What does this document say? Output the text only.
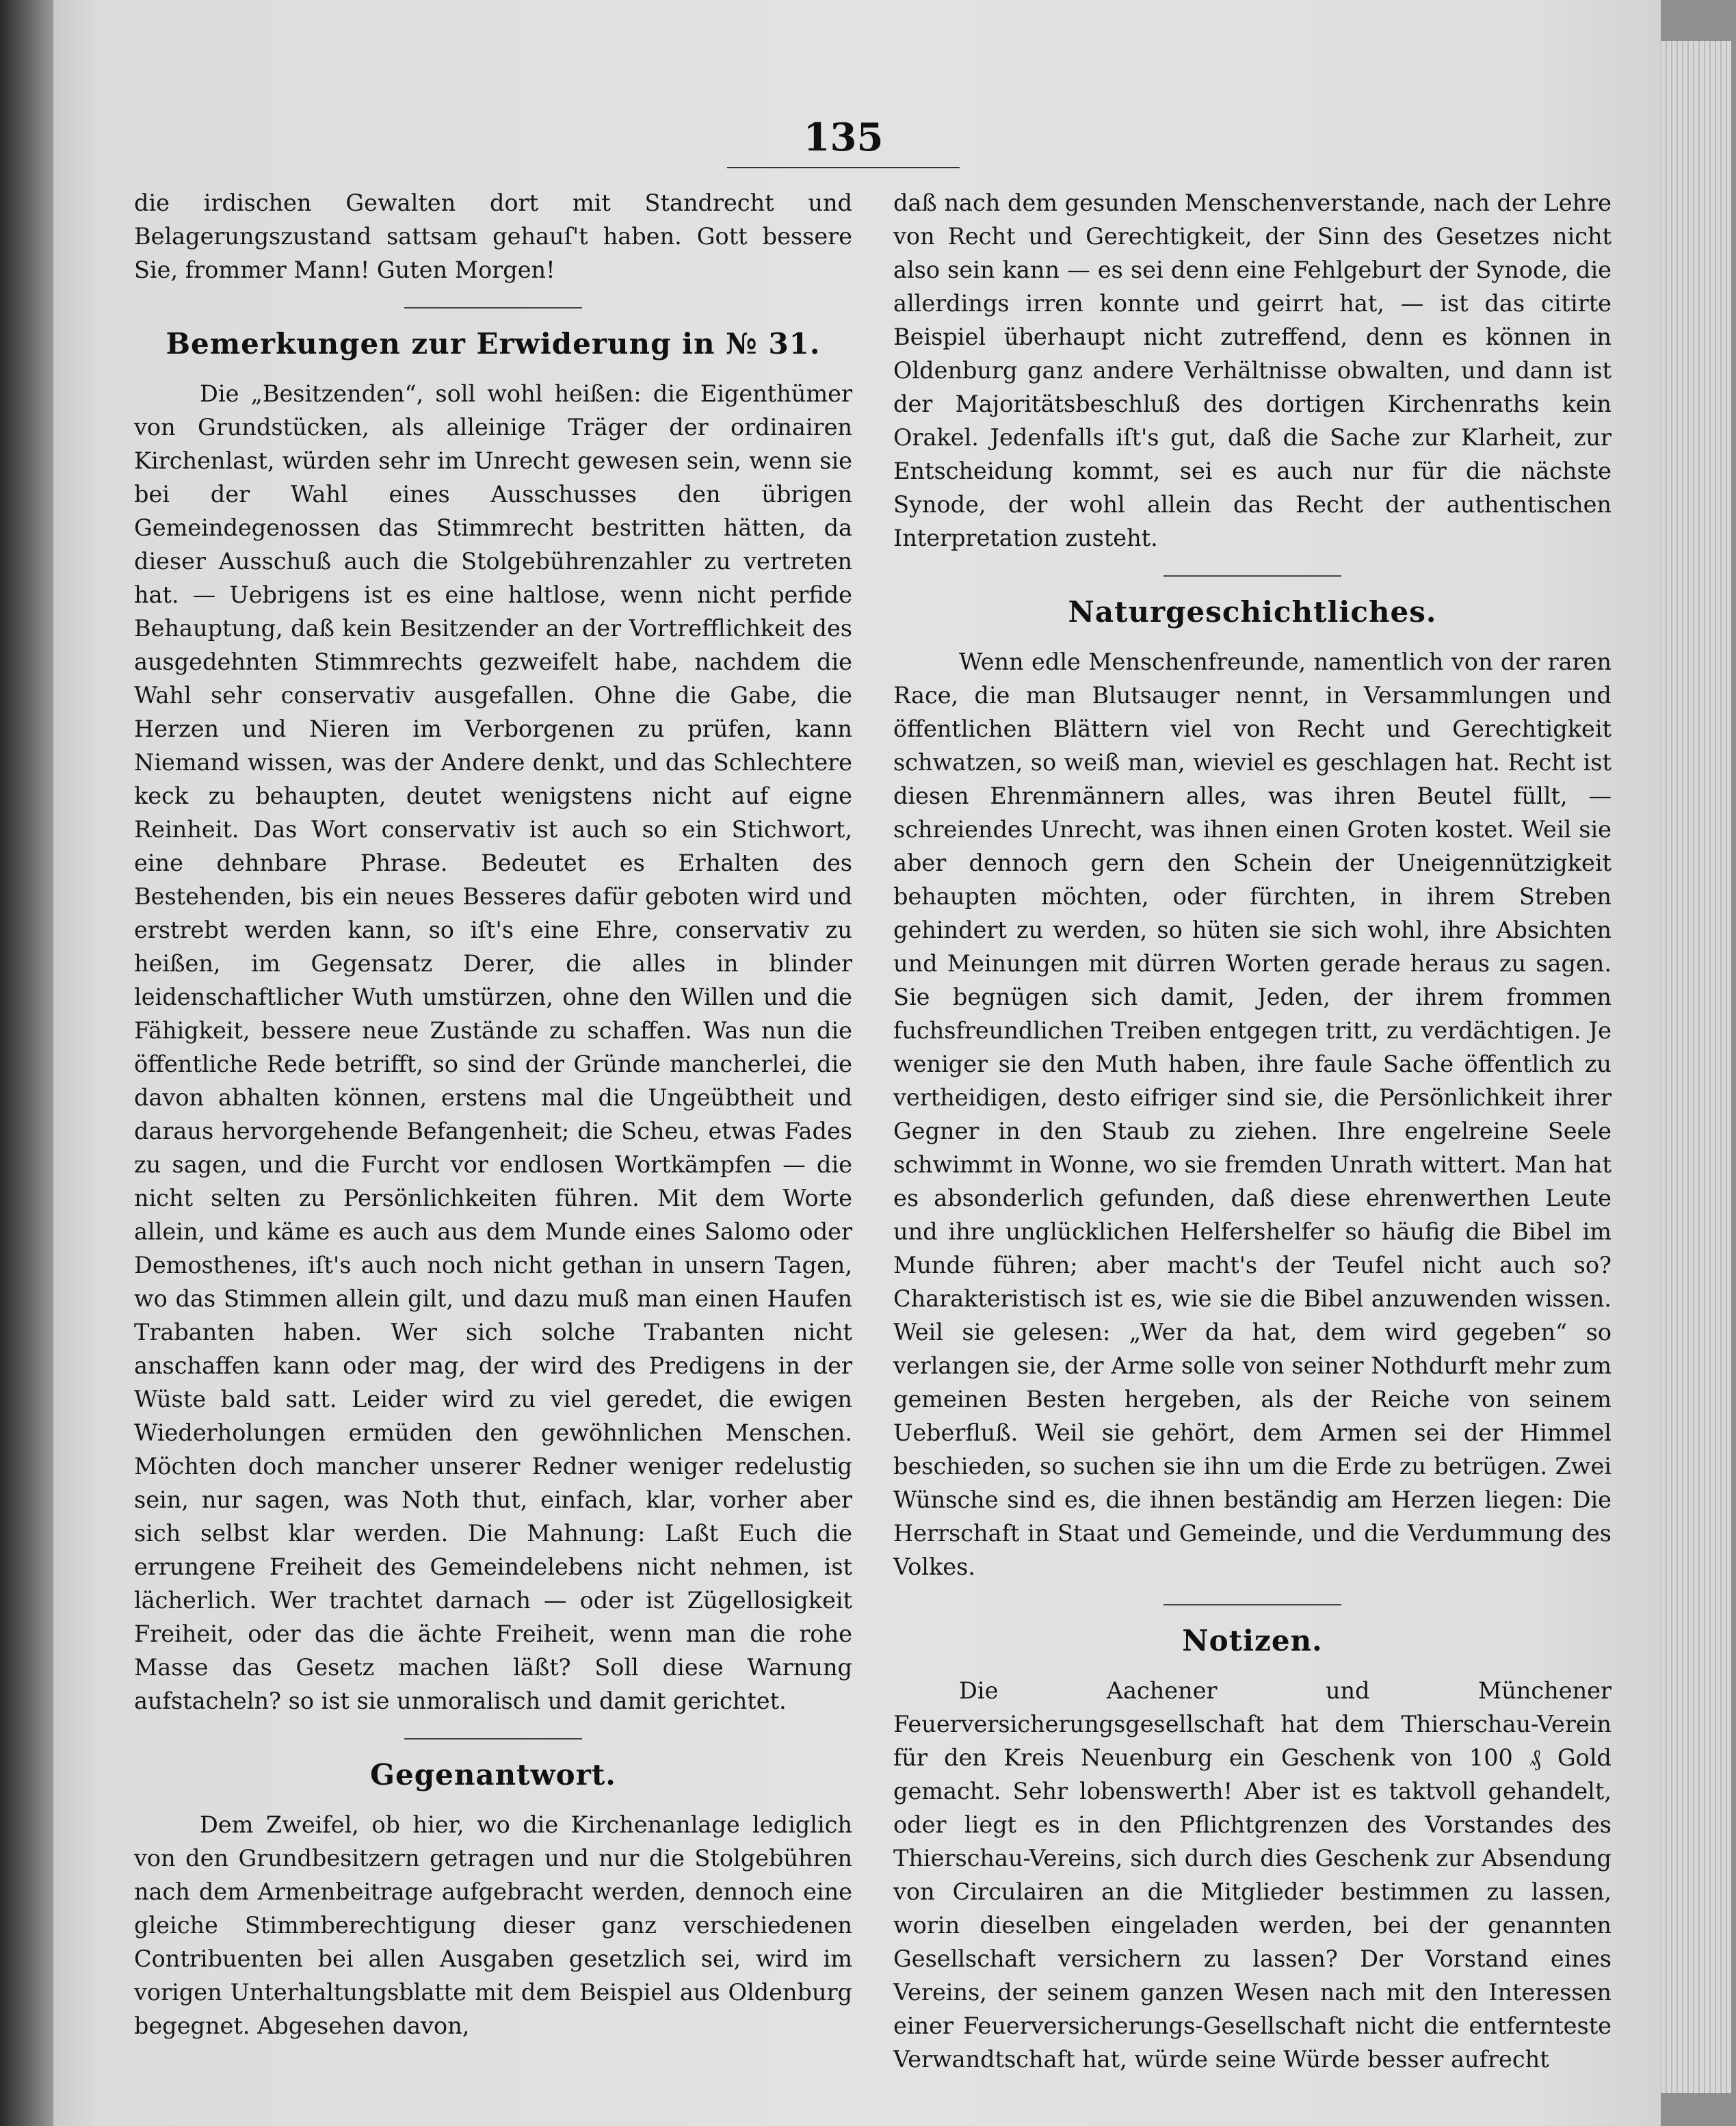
135

die irdischen Gewalten dort mit Standrecht und Belagerungszustand sattsam gehauſ't haben. Gott bessere Sie, frommer Mann! Guten Morgen!

Bemerkungen zur Erwiderung in № 31.

Die „Besitzenden“, soll wohl heißen: die Eigenthümer von Grundstücken, als alleinige Träger der ordinairen Kirchenlast, würden sehr im Unrecht gewesen sein, wenn sie bei der Wahl eines Ausschusses den übrigen Gemeindegenossen das Stimmrecht bestritten hätten, da dieser Ausschuß auch die Stolgebührenzahler zu vertreten hat. — Uebrigens ist es eine haltlose, wenn nicht perfide Behauptung, daß kein Besitzender an der Vortrefflichkeit des ausgedehnten Stimmrechts gezweifelt habe, nachdem die Wahl sehr conservativ ausgefallen. Ohne die Gabe, die Herzen und Nieren im Verborgenen zu prüfen, kann Niemand wissen, was der Andere denkt, und das Schlechtere keck zu behaupten, deutet wenigstens nicht auf eigne Reinheit. Das Wort conservativ ist auch so ein Stichwort, eine dehnbare Phrase. Bedeutet es Erhalten des Bestehenden, bis ein neues Besseres dafür geboten wird und erstrebt werden kann, so iſt's eine Ehre, conservativ zu heißen, im Gegensatz Derer, die alles in blinder leidenschaftlicher Wuth umstürzen, ohne den Willen und die Fähigkeit, bessere neue Zustände zu schaffen. Was nun die öffentliche Rede betrifft, so sind der Gründe mancherlei, die davon abhalten können, erstens mal die Ungeübtheit und daraus hervorgehende Befangenheit; die Scheu, etwas Fades zu sagen, und die Furcht vor endlosen Wortkämpfen — die nicht selten zu Persönlichkeiten führen. Mit dem Worte allein, und käme es auch aus dem Munde eines Salomo oder Demosthenes, iſt's auch noch nicht gethan in unsern Tagen, wo das Stimmen allein gilt, und dazu muß man einen Haufen Trabanten haben. Wer sich solche Trabanten nicht anschaffen kann oder mag, der wird des Predigens in der Wüste bald satt. Leider wird zu viel geredet, die ewigen Wiederholungen ermüden den gewöhnlichen Menschen. Möchten doch mancher unserer Redner weniger redelustig sein, nur sagen, was Noth thut, einfach, klar, vorher aber sich selbst klar werden. Die Mahnung: Laßt Euch die errungene Freiheit des Gemeindelebens nicht nehmen, ist lächerlich. Wer trachtet darnach — oder ist Zügellosigkeit Freiheit, oder das die ächte Freiheit, wenn man die rohe Masse das Gesetz machen läßt? Soll diese Warnung aufstacheln? so ist sie unmoralisch und damit gerichtet.

Gegenantwort.

Dem Zweifel, ob hier, wo die Kirchenanlage lediglich von den Grundbesitzern getragen und nur die Stolgebühren nach dem Armenbeitrage aufgebracht werden, dennoch eine gleiche Stimmberechtigung dieser ganz verschiedenen Contribuenten bei allen Ausgaben gesetzlich sei, wird im vorigen Unterhaltungsblatte mit dem Beispiel aus Oldenburg begegnet. Abgesehen davon,

daß nach dem gesunden Menschenverstande, nach der Lehre von Recht und Gerechtigkeit, der Sinn des Gesetzes nicht also sein kann — es sei denn eine Fehlgeburt der Synode, die allerdings irren konnte und geirrt hat, — ist das citirte Beispiel überhaupt nicht zutreffend, denn es können in Oldenburg ganz andere Verhältnisse obwalten, und dann ist der Majoritätsbeschluß des dortigen Kirchenraths kein Orakel. Jedenfalls iſt's gut, daß die Sache zur Klarheit, zur Entscheidung kommt, sei es auch nur für die nächste Synode, der wohl allein das Recht der authentischen Interpretation zusteht.

Naturgeschichtliches.

Wenn edle Menschenfreunde, namentlich von der raren Race, die man Blutsauger nennt, in Versammlungen und öffentlichen Blättern viel von Recht und Gerechtigkeit schwatzen, so weiß man, wieviel es geschlagen hat. Recht ist diesen Ehrenmännern alles, was ihren Beutel füllt, — schreiendes Unrecht, was ihnen einen Groten kostet. Weil sie aber dennoch gern den Schein der Uneigennützigkeit behaupten möchten, oder fürchten, in ihrem Streben gehindert zu werden, so hüten sie sich wohl, ihre Absichten und Meinungen mit dürren Worten gerade heraus zu sagen. Sie begnügen sich damit, Jeden, der ihrem frommen fuchsfreundlichen Treiben entgegen tritt, zu verdächtigen. Je weniger sie den Muth haben, ihre faule Sache öffentlich zu vertheidigen, desto eifriger sind sie, die Persönlichkeit ihrer Gegner in den Staub zu ziehen. Ihre engelreine Seele schwimmt in Wonne, wo sie fremden Unrath wittert. Man hat es absonderlich gefunden, daß diese ehrenwerthen Leute und ihre unglücklichen Helfershelfer so häufig die Bibel im Munde führen; aber macht's der Teufel nicht auch so? Charakteristisch ist es, wie sie die Bibel anzuwenden wissen. Weil sie gelesen: „Wer da hat, dem wird gegeben“ so verlangen sie, der Arme solle von seiner Nothdurft mehr zum gemeinen Besten hergeben, als der Reiche von seinem Ueberfluß. Weil sie gehört, dem Armen sei der Himmel beschieden, so suchen sie ihn um die Erde zu betrügen. Zwei Wünsche sind es, die ihnen beständig am Herzen liegen: Die Herrschaft in Staat und Gemeinde, und die Verdummung des Volkes.

Notizen.

Die Aachener und Münchener Feuerversicherungsgesellschaft hat dem Thierschau-Verein für den Kreis Neuenburg ein Geschenk von 100 ₰ Gold gemacht. Sehr lobenswerth! Aber ist es taktvoll gehandelt, oder liegt es in den Pflichtgrenzen des Vorstandes des Thierschau-Vereins, sich durch dies Geschenk zur Absendung von Circulairen an die Mitglieder bestimmen zu lassen, worin dieselben eingeladen werden, bei der genannten Gesellschaft versichern zu lassen? Der Vorstand eines Vereins, der seinem ganzen Wesen nach mit den Interessen einer Feuerversicherungs-Gesellschaft nicht die entfernteste Verwandtschaft hat, würde seine Würde besser aufrecht
